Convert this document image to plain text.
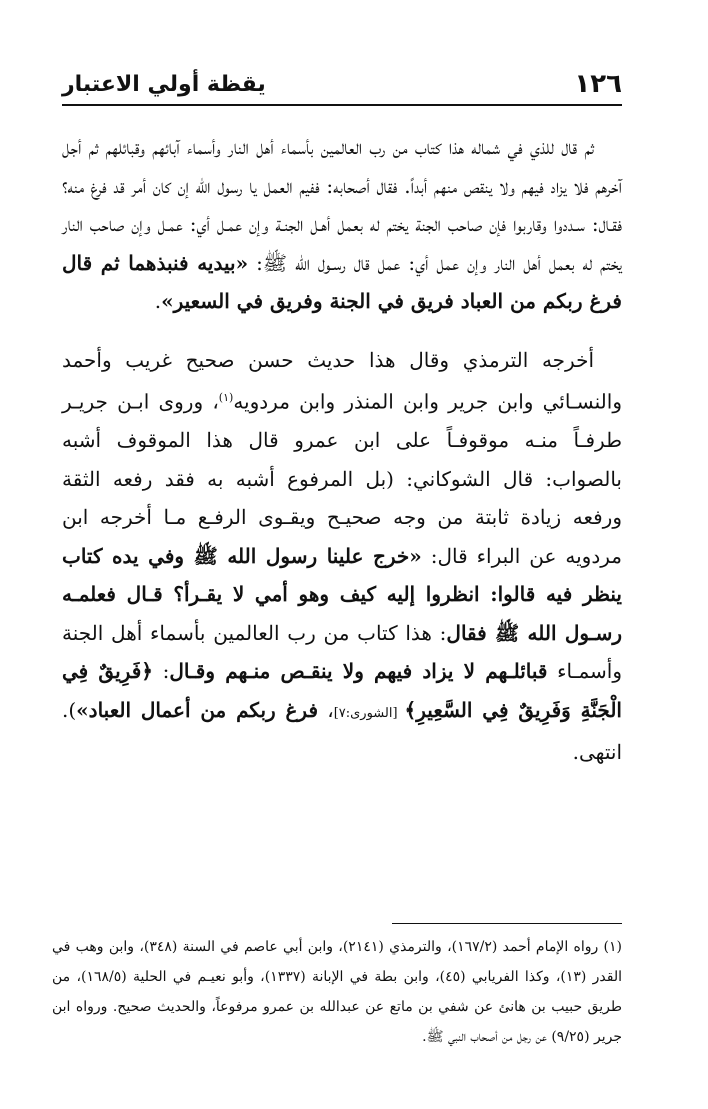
١٢٦
يقظة أولي الاعتبار

ثم قال للذي في شماله هذا كتاب من رب العالمين بأسماء أهل النار وأسماء آبائهم وقبائلهم ثم أجل آخرهم فلا يزاد فيهم ولا ينقص منهم أبداً. فقال أصحابه: ففيم العمل يا رسول الله إن كان أمر قد فرغ منه؟ فقـال: سـددوا وقاربوا فإن صاحب الجنة يختم له بعمل أهـل الجنـة وإن عمـل أي: عمـل وإن صاحب النار يختم له بعمل أهل النار وإن عمل أي: عمل قال رسـول الله ﷺ: «بيديه فنبذهما ثم قال فرغ ربكم من العباد فريق في الجنة وفريق في السعير».

أخرجه الترمذي وقال هذا حديث حسن صحيح غريب وأحمد والنسـائي وابن جرير وابن المنذر وابن مردويه$^{(١)}$، وروى ابـن جريـر طرفـاً منـه موقوفـاً على ابن عمرو قال هذا الموقوف أشبه بالصواب: قال الشوكاني: (بل المرفوع أشبه به فقد رفعه الثقة ورفعه زيادة ثابتة من وجه صحيـح ويقـوى الرفـع مـا أخرجه ابن مردويه عن البراء قال: «خرج علينا رسول الله ﷺ وفي يده كتاب ينظر فيه قالوا: انظروا إليه كيف وهو أمي لا يقـرأ؟ قـال فعلمـه رسـول الله ﷺ فقال: هذا كتاب من رب العالمين بأسماء أهل الجنة وأسمـاء قبائلـهم لا يزاد فيهم ولا ينقـص منـهم وقـال: ﴿فَرِيقٌ فِي الْجَنَّةِ وَفَرِيقٌ فِي السَّعِيرِ﴾ [الشورى:٧]، فرغ ربكم من أعمال العباد»). انتهى.

(١) رواه الإمام أحمد (١٦٧/٢)، والترمذي (٢١٤١)، وابن أبي عاصم في السنة (٣٤٨)، وابن وهب في القدر (١٣)، وكذا الفريابي (٤٥)، وابن بطة في الإبانة (١٣٣٧)، وأبو نعيـم في الحلية (١٦٨/٥)، من طريق حبيب بن هانئ عن شفي بن ماتع عن عبدالله بن عمرو مرفوعاً، والحديث صحيح. ورواه ابن جرير (٩/٢٥) عن رجل من أصحاب النبي ﷺ.
